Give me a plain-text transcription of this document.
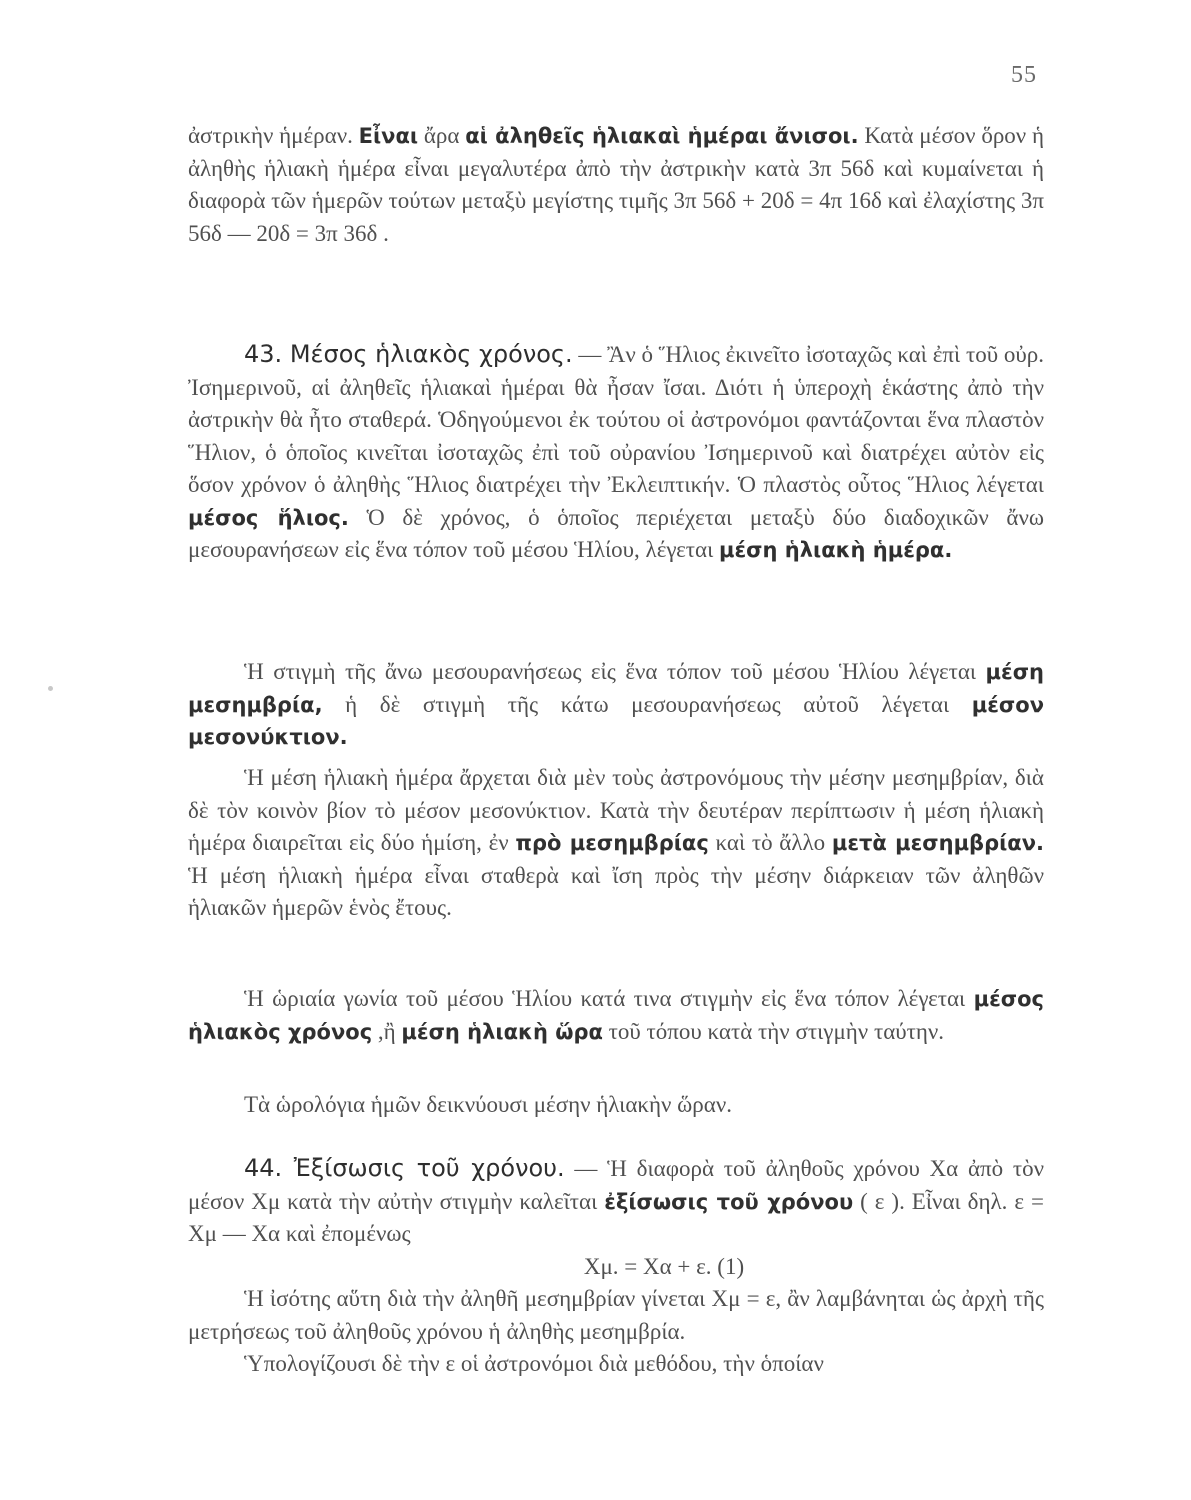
55
ἀστρικὴν ἡμέραν. Εἶναι ἄρα αἱ ἀληθεῖς ἡλιακαὶ ἡμέραι ἄνισοι. Κατὰ μέσον ὅρον ἡ ἀληθὴς ἡλιακὴ ἡμέρα εἶναι μεγαλυτέρα ἀπὸ τὴν ἀστρικὴν κατὰ 3π 56δ καὶ κυμαίνεται ἡ διαφορὰ τῶν ἡμερῶν τούτων μεταξὺ μεγίστης τιμῆς 3π 56δ + 20δ = 4π 16δ καὶ ἐλαχίστης 3π 56δ — 20δ = 3π 36δ .
43. Μέσος ἡλιακὸς χρόνος. — Ἂν ὁ Ἥλιος ἐκινεῖτο ἰσοταχῶς καὶ ἐπὶ τοῦ οὐρ. Ἰσημερινοῦ, αἱ ἀληθεῖς ἡλιακαὶ ἡμέραι θὰ ἦσαν ἴσαι. Διότι ἡ ὑπεροχὴ ἑκάστης ἀπὸ τὴν ἀστρικὴν θὰ ἦτο σταθερά. Ὁδηγούμενοι ἐκ τούτου οἱ ἀστρονόμοι φαντάζονται ἕνα πλαστὸν Ἥλιον, ὁ ὁποῖος κινεῖται ἰσοταχῶς ἐπὶ τοῦ οὐρανίου Ἰσημερινοῦ καὶ διατρέχει αὐτὸν εἰς ὅσον χρόνον ὁ ἀληθὴς Ἥλιος διατρέχει τὴν Ἐκλειπτικήν. Ὁ πλαστὸς οὗτος Ἥλιος λέγεται μέσος ἥλιος. Ὁ δὲ χρόνος, ὁ ὁποῖος περιέχεται μεταξὺ δύο διαδοχικῶν ἄνω μεσουρανήσεων εἰς ἕνα τόπον τοῦ μέσου Ἡλίου, λέγεται μέση ἡλιακὴ ἡμέρα.
Ἡ στιγμὴ τῆς ἄνω μεσουρανήσεως εἰς ἕνα τόπον τοῦ μέσου Ἡλίου λέγεται μέση μεσημβρία, ἡ δὲ στιγμὴ τῆς κάτω μεσουρανήσεως αὐτοῦ λέγεται μέσον μεσονύκτιον.
Ἡ μέση ἡλιακὴ ἡμέρα ἄρχεται διὰ μὲν τοὺς ἀστρονόμους τὴν μέσην μεσημβρίαν, διὰ δὲ τὸν κοινὸν βίον τὸ μέσον μεσονύκτιον. Κατὰ τὴν δευτέραν περίπτωσιν ἡ μέση ἡλιακὴ ἡμέρα διαιρεῖται εἰς δύο ἡμίση, ἐν πρὸ μεσημβρίας καὶ τὸ ἄλλο μετὰ μεσημβρίαν. Ἡ μέση ἡλιακὴ ἡμέρα εἶναι σταθερὰ καὶ ἴση πρὸς τὴν μέσην διάρκειαν τῶν ἀληθῶν ἡλιακῶν ἡμερῶν ἑνὸς ἔτους.
Ἡ ὡριαία γωνία τοῦ μέσου Ἡλίου κατά τινα στιγμὴν εἰς ἕνα τόπον λέγεται μέσος ἡλιακὸς χρόνος ,ἢ μέση ἡλιακὴ ὥρα τοῦ τόπου κατὰ τὴν στιγμὴν ταύτην.
Τὰ ὡρολόγια ἡμῶν δεικνύουσι μέσην ἡλιακὴν ὥραν.
44. Ἐξίσωσις τοῦ χρόνου. — Ἡ διαφορὰ τοῦ ἀληθοῦς χρόνου Χα ἀπὸ τὸν μέσον Χμ κατὰ τὴν αὐτὴν στιγμὴν καλεῖται ἐξίσωσις τοῦ χρόνου ( ε ). Εἶναι δηλ. ε = Χμ — Χα καὶ ἐπομένως
Χμ. = Χα + ε. (1)
Ἡ ἰσότης αὕτη διὰ τὴν ἀληθῆ μεσημβρίαν γίνεται Χμ = ε, ἂν λαμβάνηται ὡς ἀρχὴ τῆς μετρήσεως τοῦ ἀληθοῦς χρόνου ἡ ἀληθὴς μεσημβρία.
Ὑπολογίζουσι δὲ τὴν ε οἱ ἀστρονόμοι διὰ μεθόδου, τὴν ὁποίαν
